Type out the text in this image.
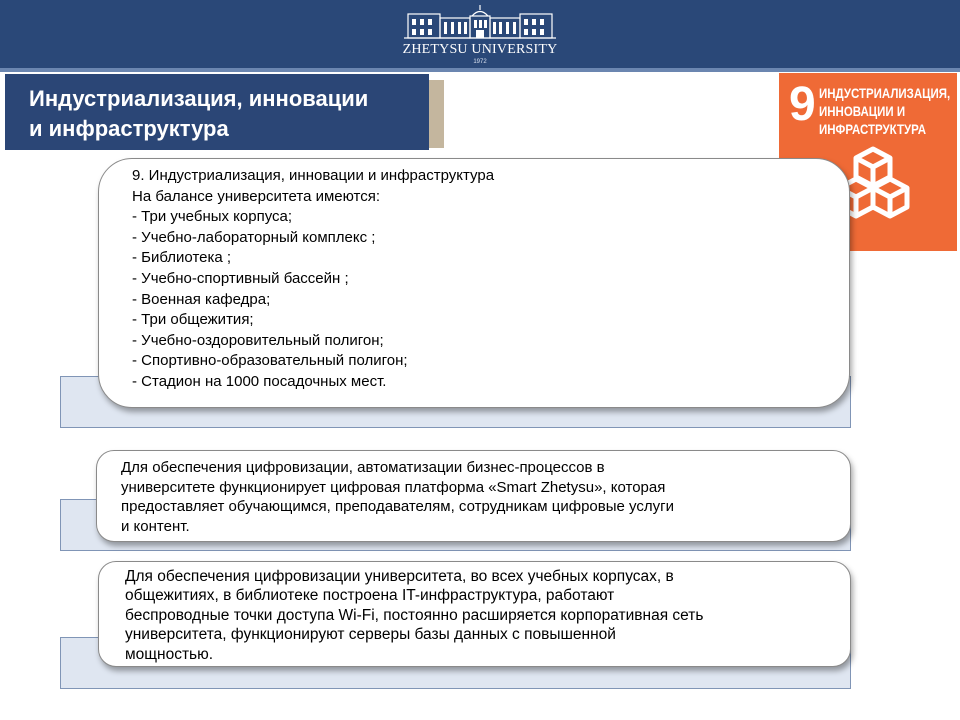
ZHETYSU UNIVERSITY
1972
Индустриализация, инновации
и инфраструктура	9 ИНДУСТРИАЛИЗАЦИЯ,
ИННОВАЦИИ И
ИНФРАСТРУКТУРА
9. Индустриализация, инновации и инфраструктура
На балансе университета имеются:
- Три учебных корпуса;
- Учебно-лабораторный комплекс ;
- Библиотека ;
- Учебно-спортивный бассейн ;
- Военная кафедра;
- Три общежития;
- Учебно-оздоровительный полигон;
- Спортивно-образовательный полигон;
- Стадион на 1000 посадочных мест.
Для обеспечения цифровизации, автоматизации бизнес-процессов в
университете функционирует цифровая платформа «Smart Zhetysu», которая
предоставляет обучающимся, преподавателям, сотрудникам цифровые услуги
и контент.
Для обеспечения цифровизации университета, во всех учебных корпусах, в
общежитиях, в библиотеке построена IT-инфраструктура, работают
беспроводные точки доступа Wi-Fi, постоянно расширяется корпоративная сеть
университета, функционируют серверы базы данных с повышенной
мощностью.
